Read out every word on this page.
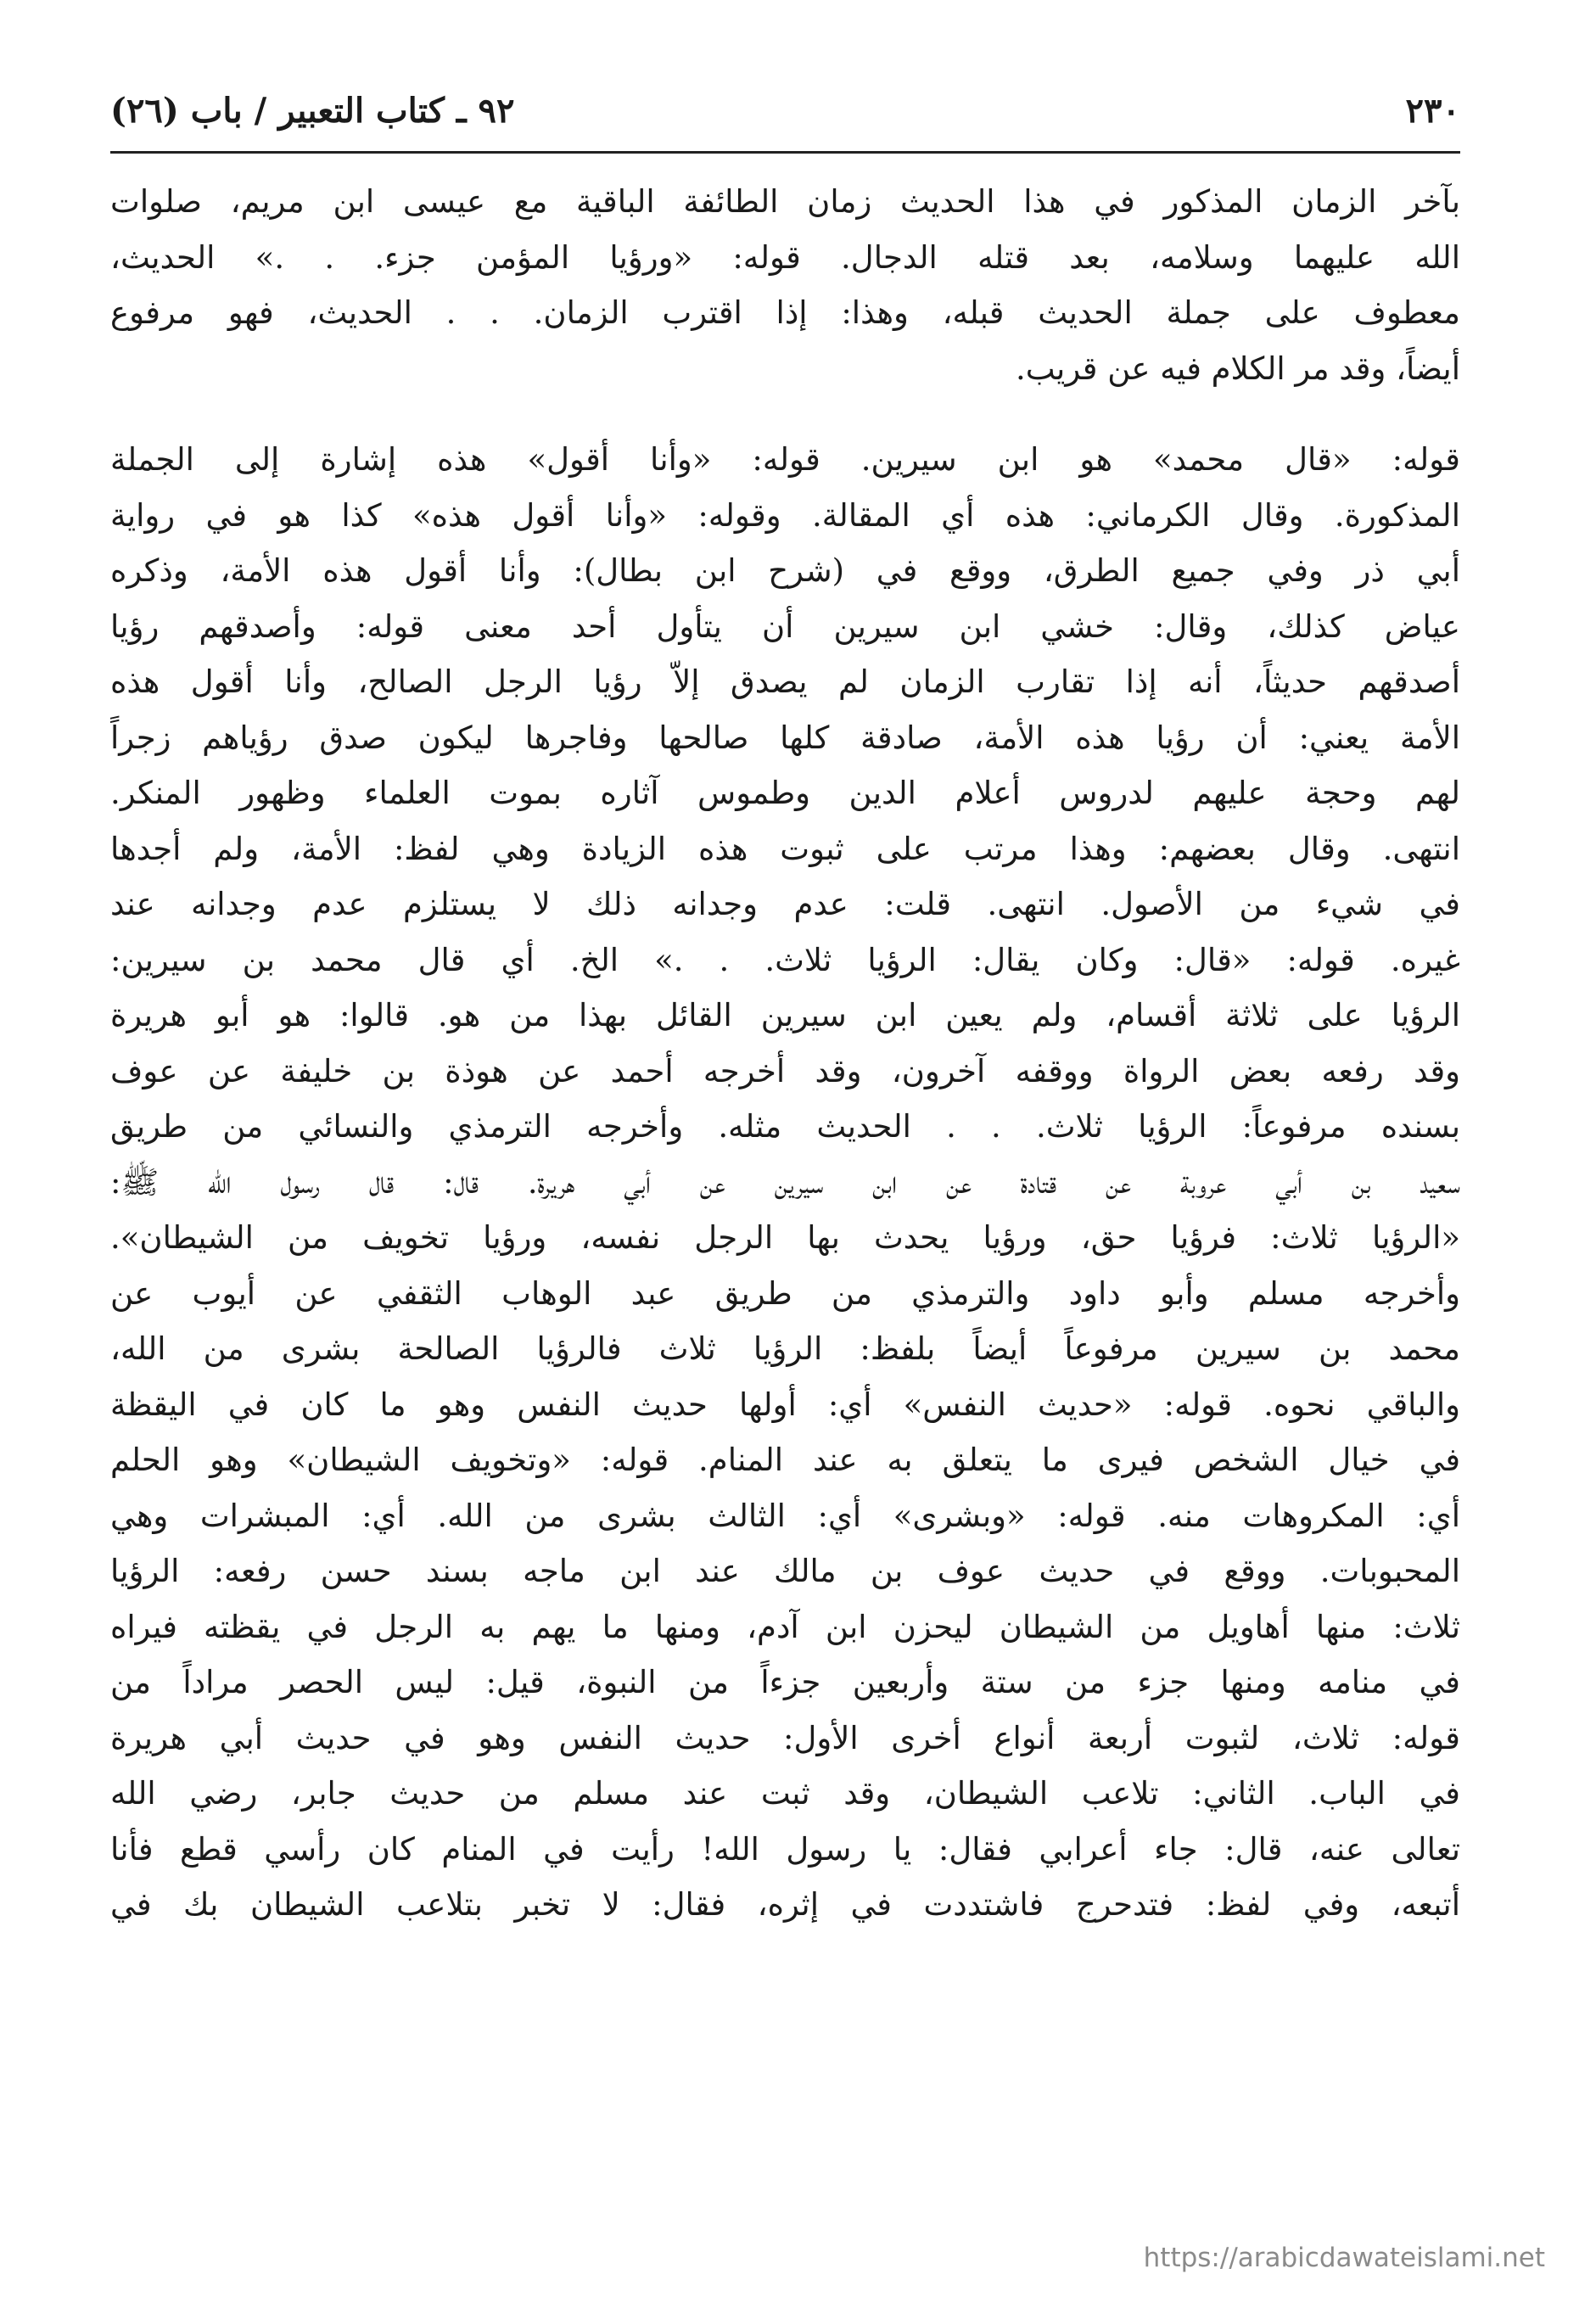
٢٣٠
٩٢ ـ كتاب التعبير / باب (٢٦)
بآخر الزمان المذكور في هذا الحديث زمان الطائفة الباقية مع عيسى ابن مريم، صلوات
الله عليهما وسلامه، بعد قتله الدجال. قوله: «ورؤيا المؤمن جزء. . .» الحديث،
معطوف على جملة الحديث قبله، وهذا: إذا اقترب الزمان. . . الحديث، فهو مرفوع
أيضاً، وقد مر الكلام فيه عن قريب.
قوله: «قال محمد» هو ابن سيرين. قوله: «وأنا أقول» هذه إشارة إلى الجملة
المذكورة. وقال الكرماني: هذه أي المقالة. وقوله: «وأنا أقول هذه» كذا هو في رواية
أبي ذر وفي جميع الطرق، ووقع في (شرح ابن بطال): وأنا أقول هذه الأمة، وذكره
عياض كذلك، وقال: خشي ابن سيرين أن يتأول أحد معنى قوله: وأصدقهم رؤيا
أصدقهم حديثاً، أنه إذا تقارب الزمان لم يصدق إلاّ رؤيا الرجل الصالح، وأنا أقول هذه
الأمة يعني: أن رؤيا هذه الأمة، صادقة كلها صالحها وفاجرها ليكون صدق رؤياهم زجراً
لهم وحجة عليهم لدروس أعلام الدين وطموس آثاره بموت العلماء وظهور المنكر.
انتهى. وقال بعضهم: وهذا مرتب على ثبوت هذه الزيادة وهي لفظ: الأمة، ولم أجدها
في شيء من الأصول. انتهى. قلت: عدم وجدانه ذلك لا يستلزم عدم وجدانه عند
غيره. قوله: «قال: وكان يقال: الرؤيا ثلاث. . .» الخ. أي قال محمد بن سيرين:
الرؤيا على ثلاثة أقسام، ولم يعين ابن سيرين القائل بهذا من هو. قالوا: هو أبو هريرة
وقد رفعه بعض الرواة ووقفه آخرون، وقد أخرجه أحمد عن هوذة بن خليفة عن عوف
بسنده مرفوعاً: الرؤيا ثلاث. . . الحديث مثله. وأخرجه الترمذي والنسائي من طريق
سعيد بن أبي عروبة عن قتادة عن ابن سيرين عن أبي هريرة. قال: قال رسول الله ﷺ:
«الرؤيا ثلاث: فرؤيا حق، ورؤيا يحدث بها الرجل نفسه، ورؤيا تخويف من الشيطان».
وأخرجه مسلم وأبو داود والترمذي من طريق عبد الوهاب الثقفي عن أيوب عن
محمد بن سيرين مرفوعاً أيضاً بلفظ: الرؤيا ثلاث فالرؤيا الصالحة بشرى من الله،
والباقي نحوه. قوله: «حديث النفس» أي: أولها حديث النفس وهو ما كان في اليقظة
في خيال الشخص فيرى ما يتعلق به عند المنام. قوله: «وتخويف الشيطان» وهو الحلم
أي: المكروهات منه. قوله: «وبشرى» أي: الثالث بشرى من الله. أي: المبشرات وهي
المحبوبات. ووقع في حديث عوف بن مالك عند ابن ماجه بسند حسن رفعه: الرؤيا
ثلاث: منها أهاويل من الشيطان ليحزن ابن آدم، ومنها ما يهم به الرجل في يقظته فيراه
في منامه ومنها جزء من ستة وأربعين جزءاً من النبوة، قيل: ليس الحصر مراداً من
قوله: ثلاث، لثبوت أربعة أنواع أخرى الأول: حديث النفس وهو في حديث أبي هريرة
في الباب. الثاني: تلاعب الشيطان، وقد ثبت عند مسلم من حديث جابر، رضي الله
تعالى عنه، قال: جاء أعرابي فقال: يا رسول الله! رأيت في المنام كان رأسي قطع فأنا
أتبعه، وفي لفظ: فتدحرج فاشتددت في إثره، فقال: لا تخبر بتلاعب الشيطان بك في
https://arabicdawateislami.net
